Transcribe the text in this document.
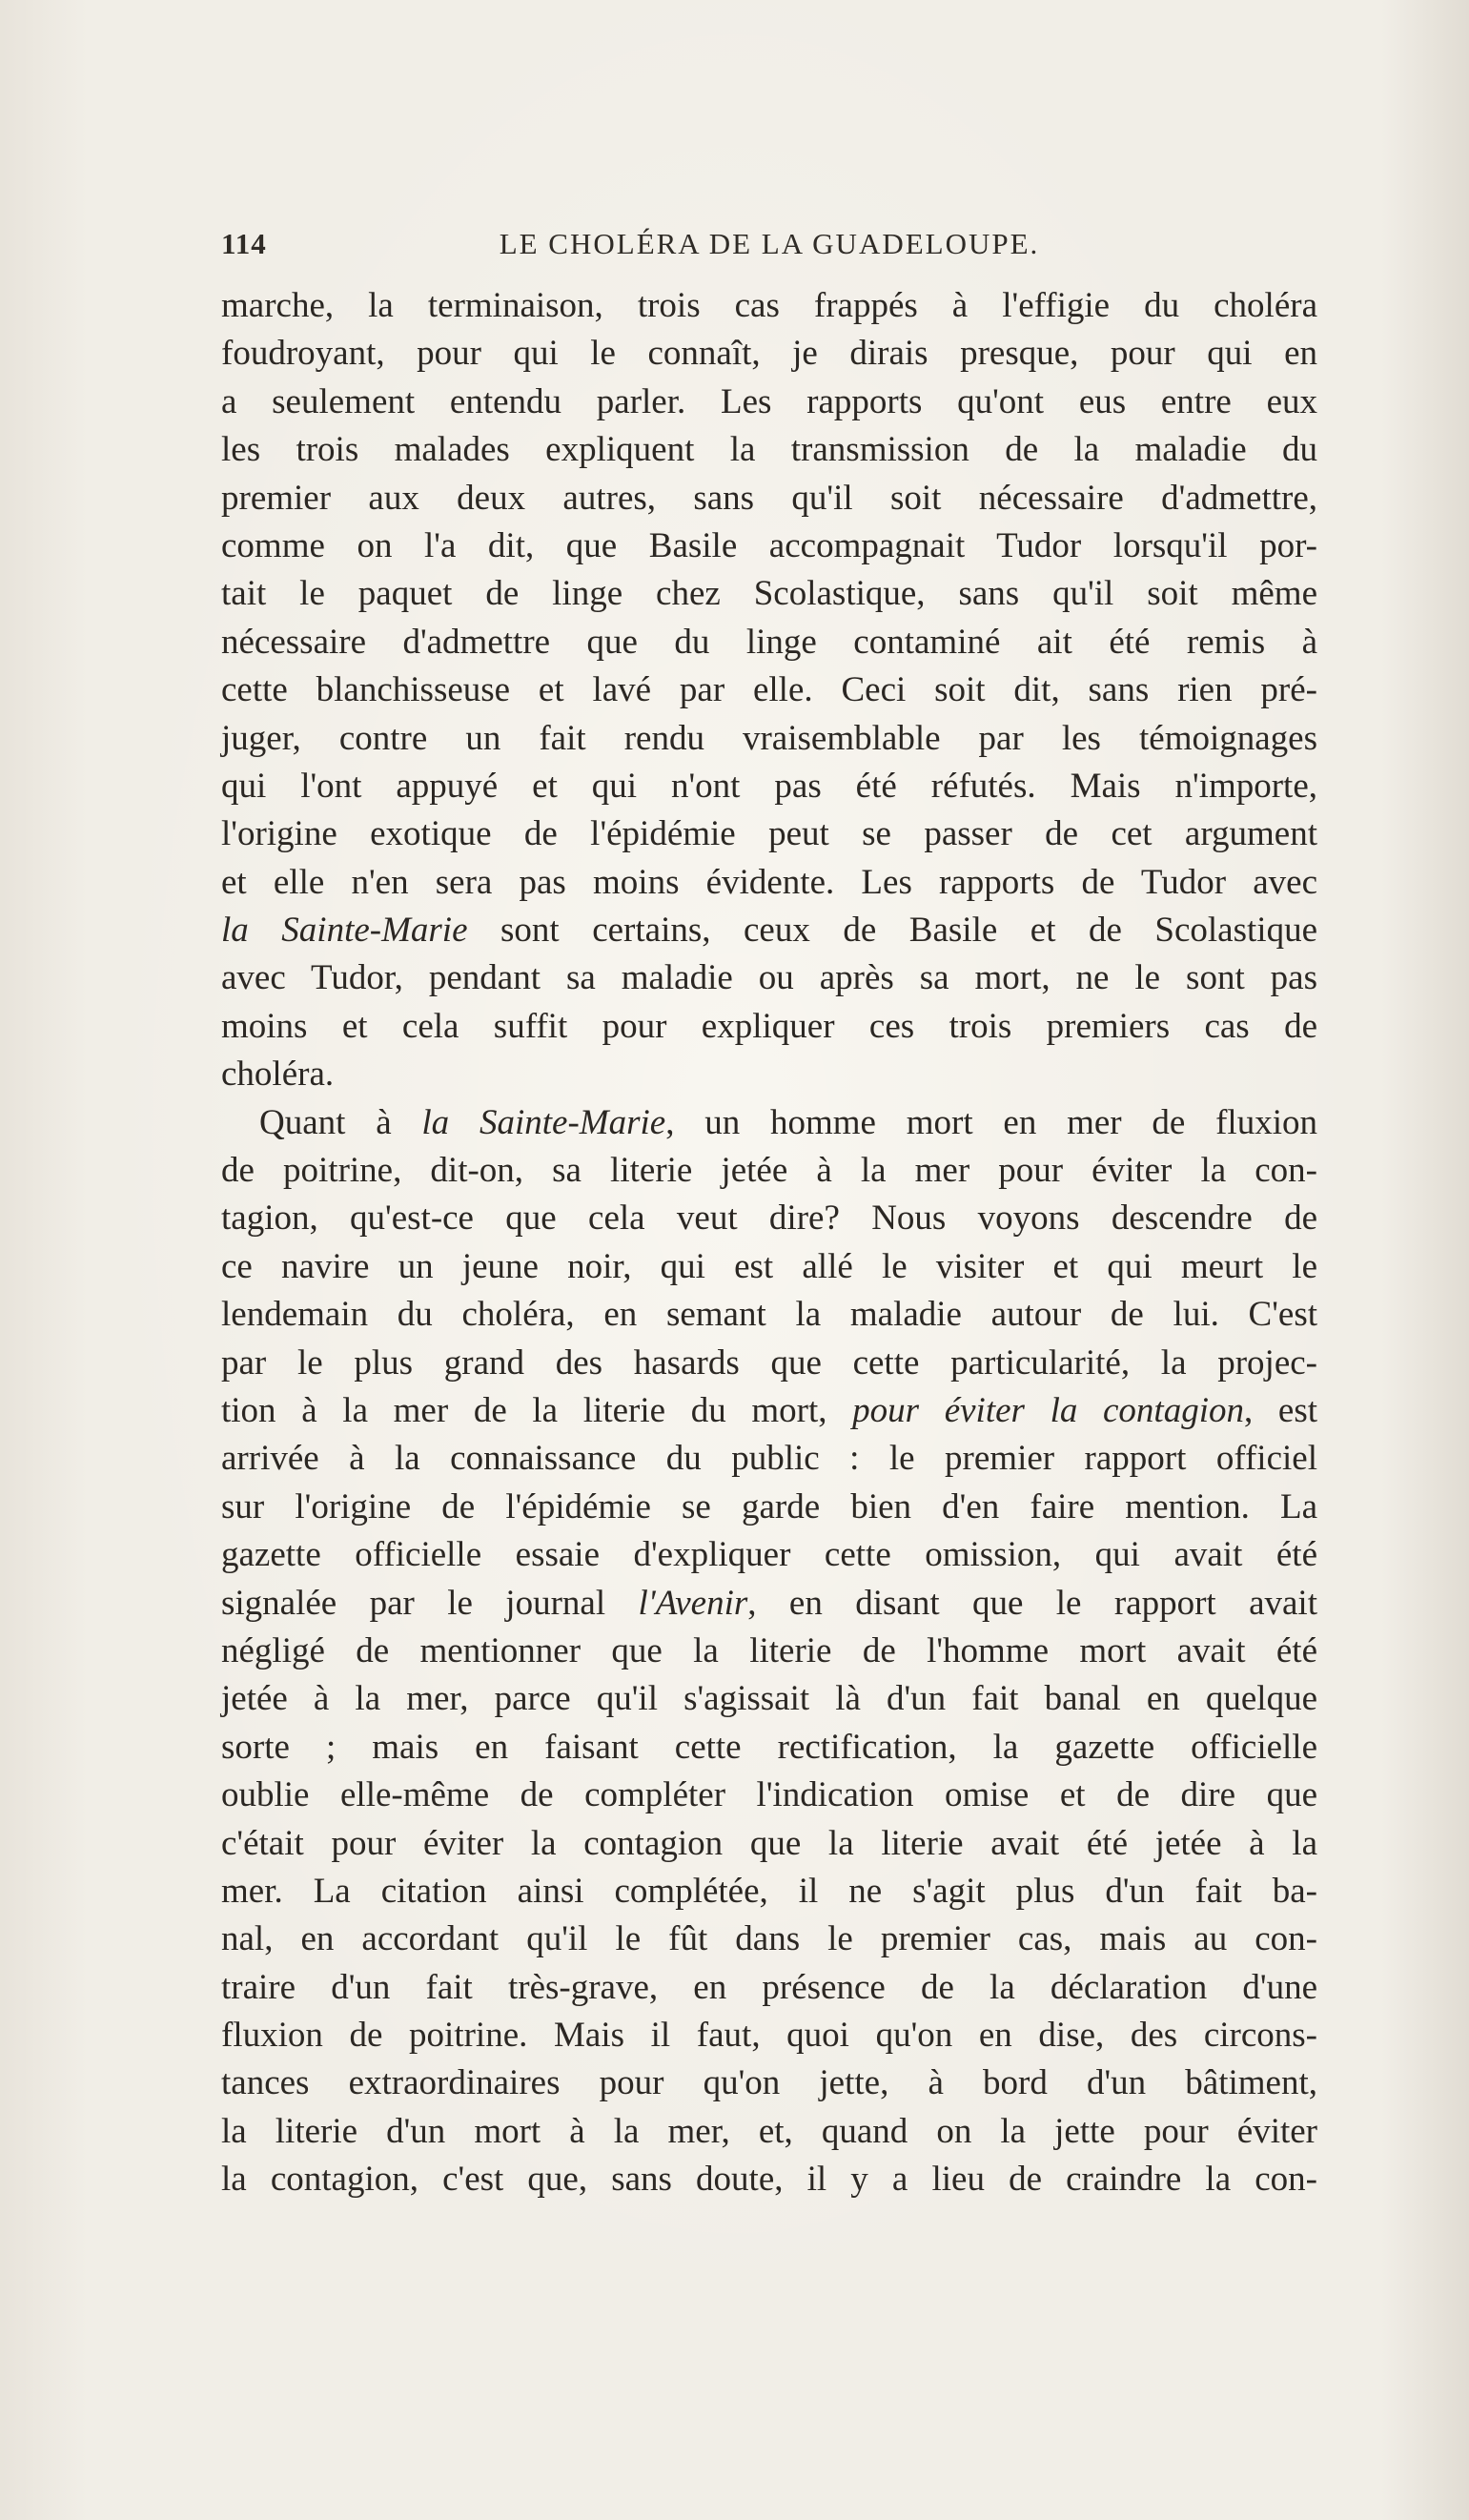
114	LE CHOLÉRA DE LA GUADELOUPE.
marche, la terminaison, trois cas frappés à l'effigie du choléra
foudroyant, pour qui le connaît, je dirais presque, pour qui en
a seulement entendu parler. Les rapports qu'ont eus entre eux
les trois malades expliquent la transmission de la maladie du
premier aux deux autres, sans qu'il soit nécessaire d'admettre,
comme on l'a dit, que Basile accompagnait Tudor lorsqu'il por-
tait le paquet de linge chez Scolastique, sans qu'il soit même
nécessaire d'admettre que du linge contaminé ait été remis à
cette blanchisseuse et lavé par elle. Ceci soit dit, sans rien pré-
juger, contre un fait rendu vraisemblable par les témoignages
qui l'ont appuyé et qui n'ont pas été réfutés. Mais n'importe,
l'origine exotique de l'épidémie peut se passer de cet argument
et elle n'en sera pas moins évidente. Les rapports de Tudor avec
la Sainte-Marie sont certains, ceux de Basile et de Scolastique
avec Tudor, pendant sa maladie ou après sa mort, ne le sont pas
moins et cela suffit pour expliquer ces trois premiers cas de
choléra.
Quant à la Sainte-Marie, un homme mort en mer de fluxion
de poitrine, dit-on, sa literie jetée à la mer pour éviter la con-
tagion, qu'est-ce que cela veut dire? Nous voyons descendre de
ce navire un jeune noir, qui est allé le visiter et qui meurt le
lendemain du choléra, en semant la maladie autour de lui. C'est
par le plus grand des hasards que cette particularité, la projec-
tion à la mer de la literie du mort, pour éviter la contagion, est
arrivée à la connaissance du public : le premier rapport officiel
sur l'origine de l'épidémie se garde bien d'en faire mention. La
gazette officielle essaie d'expliquer cette omission, qui avait été
signalée par le journal l'Avenir, en disant que le rapport avait
négligé de mentionner que la literie de l'homme mort avait été
jetée à la mer, parce qu'il s'agissait là d'un fait banal en quelque
sorte ; mais en faisant cette rectification, la gazette officielle
oublie elle-même de compléter l'indication omise et de dire que
c'était pour éviter la contagion que la literie avait été jetée à la
mer. La citation ainsi complétée, il ne s'agit plus d'un fait ba-
nal, en accordant qu'il le fût dans le premier cas, mais au con-
traire d'un fait très-grave, en présence de la déclaration d'une
fluxion de poitrine. Mais il faut, quoi qu'on en dise, des circons-
tances extraordinaires pour qu'on jette, à bord d'un bâtiment,
la literie d'un mort à la mer, et, quand on la jette pour éviter
la contagion, c'est que, sans doute, il y a lieu de craindre la con-
